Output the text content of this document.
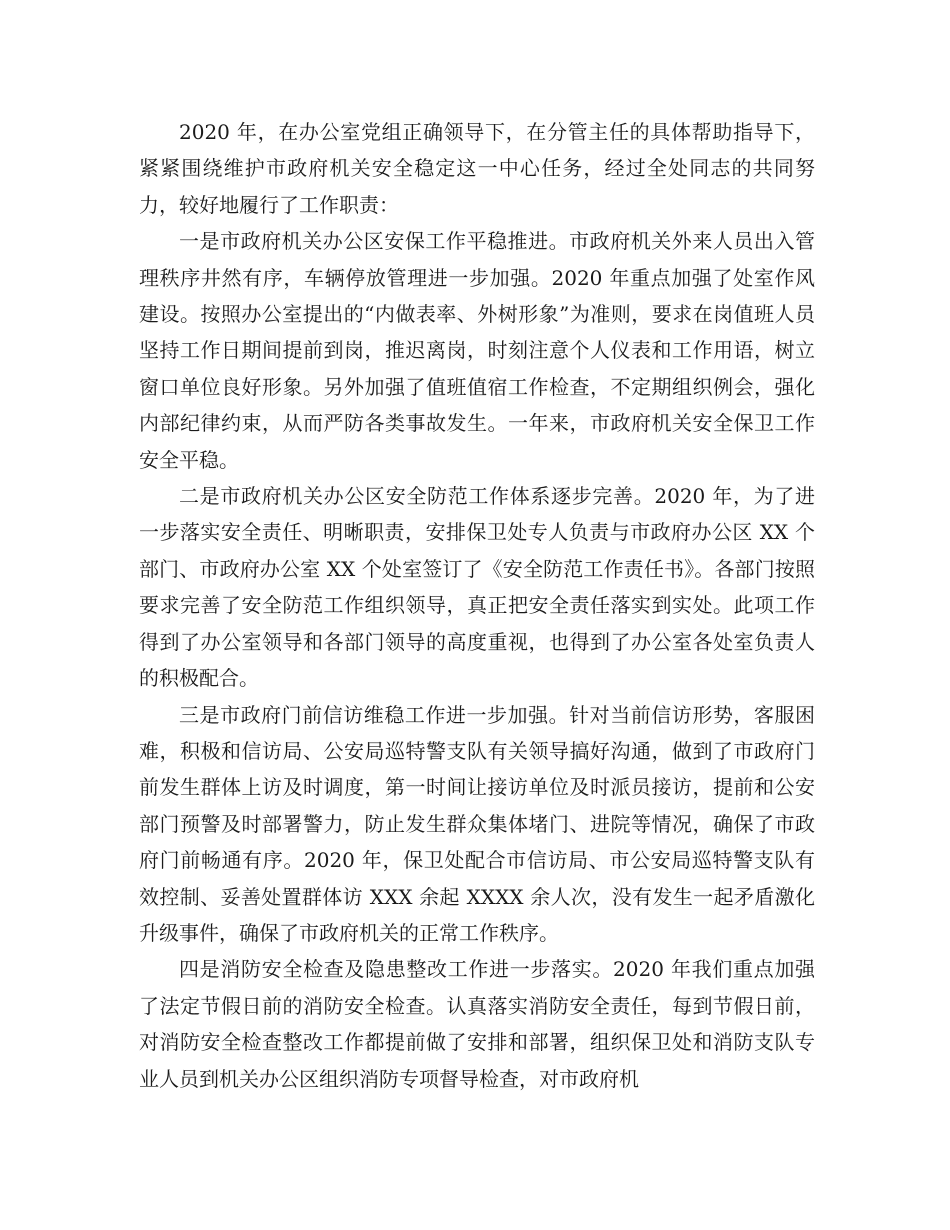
2020 年，在办公室党组正确领导下，在分管主任的具体帮助指导下，紧紧围绕维护市政府机关安全稳定这一中心任务，经过全处同志的共同努力，较好地履行了工作职责：

一是市政府机关办公区安保工作平稳推进。市政府机关外来人员出入管理秩序井然有序，车辆停放管理进一步加强。2020 年重点加强了处室作风建设。按照办公室提出的“内做表率、外树形象”为准则，要求在岗值班人员坚持工作日期间提前到岗，推迟离岗，时刻注意个人仪表和工作用语，树立窗口单位良好形象。另外加强了值班值宿工作检查，不定期组织例会，强化内部纪律约束，从而严防各类事故发生。一年来，市政府机关安全保卫工作安全平稳。

二是市政府机关办公区安全防范工作体系逐步完善。2020 年，为了进一步落实安全责任、明晰职责，安排保卫处专人负责与市政府办公区 XX 个部门、市政府办公室 XX 个处室签订了《安全防范工作责任书》。各部门按照要求完善了安全防范工作组织领导，真正把安全责任落实到实处。此项工作得到了办公室领导和各部门领导的高度重视，也得到了办公室各处室负责人的积极配合。

三是市政府门前信访维稳工作进一步加强。针对当前信访形势，客服困难，积极和信访局、公安局巡特警支队有关领导搞好沟通，做到了市政府门前发生群体上访及时调度，第一时间让接访单位及时派员接访，提前和公安部门预警及时部署警力，防止发生群众集体堵门、进院等情况，确保了市政府门前畅通有序。2020 年，保卫处配合市信访局、市公安局巡特警支队有效控制、妥善处置群体访 XXX 余起 XXXX 余人次，没有发生一起矛盾激化升级事件，确保了市政府机关的正常工作秩序。

四是消防安全检查及隐患整改工作进一步落实。2020 年我们重点加强了法定节假日前的消防安全检查。认真落实消防安全责任，每到节假日前，对消防安全检查整改工作都提前做了安排和部署，组织保卫处和消防支队专业人员到机关办公区组织消防专项督导检查，对市政府机
